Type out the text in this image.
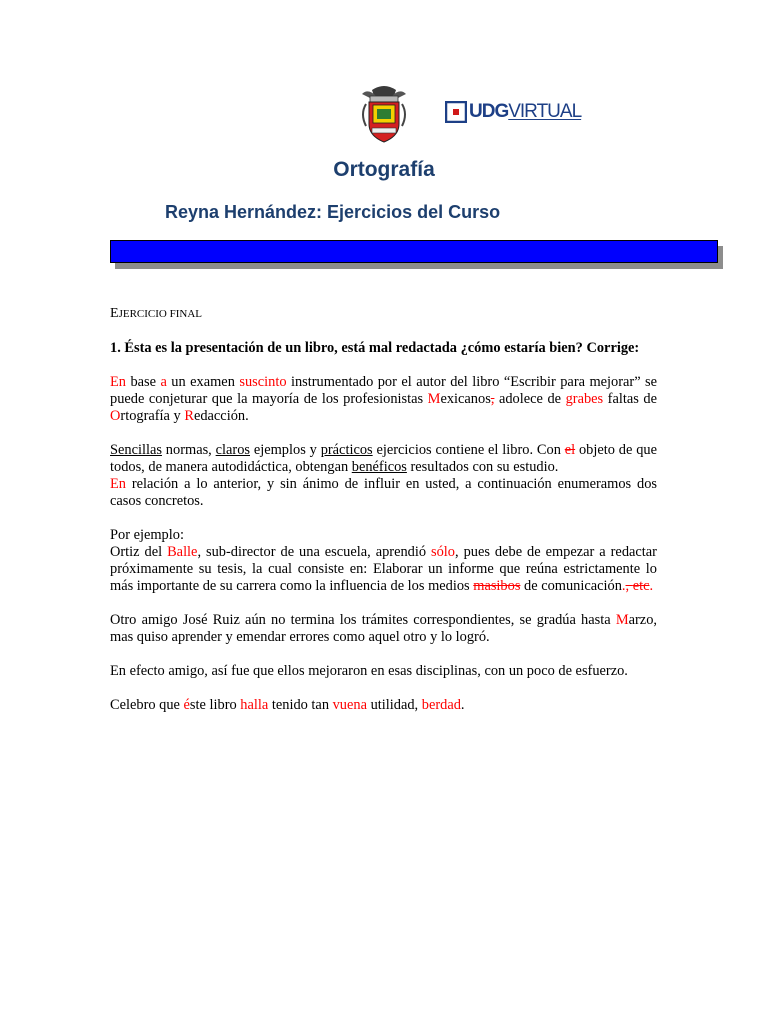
UDGVIRTUAL
Ortografía
Reyna Hernández: Ejercicios del Curso

EJERCICIO FINAL

1. Ésta es la presentación de un libro, está mal redactada ¿cómo estaría bien? Corrige:

En base a un examen suscinto instrumentado por el autor del libro “Escribir para mejorar” se puede conjeturar que la mayoría de los profesionistas Mexicanos, adolece de grabes faltas de Ortografía y Redacción.

Sencillas normas, claros ejemplos y prácticos ejercicios contiene el libro. Con el objeto de que todos, de manera autodidáctica, obtengan benéficos resultados con su estudio.

En relación a lo anterior, y sin ánimo de influir en usted, a continuación enumeramos dos casos concretos.

Por ejemplo:

Ortiz del Balle, sub-director de una escuela, aprendió sólo, pues debe de empezar a redactar próximamente su tesis, la cual consiste en: Elaborar un informe que reúna estrictamente lo más importante de su carrera como la influencia de los medios masibos de comunicación., etc.

Otro amigo José Ruiz aún no termina los trámites correspondientes, se gradúa hasta Marzo, mas quiso aprender y emendar errores como aquel otro y lo logró.

En efecto amigo, así fue que ellos mejoraron en esas disciplinas, con un poco de esfuerzo.

Celebro que éste libro halla tenido tan vuena utilidad, berdad.
